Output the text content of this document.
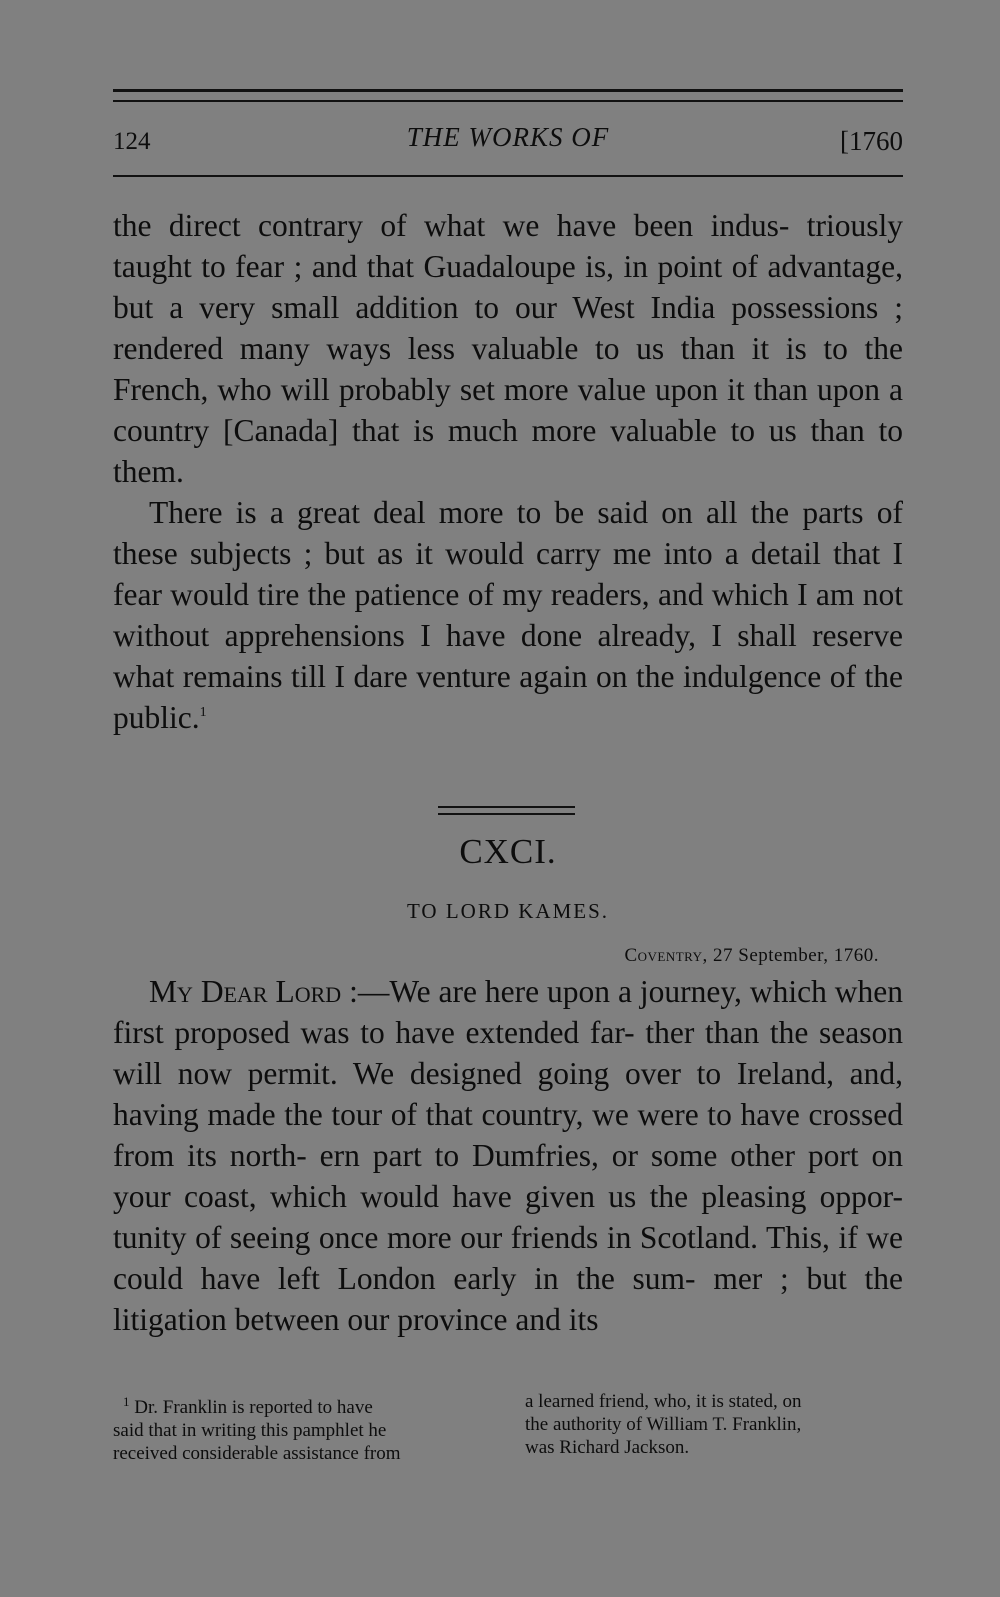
124	THE WORKS OF	[1760

the direct contrary of what we have been indus- triously taught to fear ; and that Guadaloupe is, in point of advantage, but a very small addition to our West India possessions ; rendered many ways less valuable to us than it is to the French, who will probably set more value upon it than upon a country [Canada] that is much more valuable to us than to them.

There is a great deal more to be said on all the parts of these subjects ; but as it would carry me into a detail that I fear would tire the patience of my readers, and which I am not without apprehensions I have done already, I shall reserve what remains till I dare venture again on the indulgence of the public.$^1$

CXCI.
TO LORD KAMES.
Coventry, 27 September, 1760.

My Dear Lord :—We are here upon a journey, which when first proposed was to have extended far- ther than the season will now permit. We designed going over to Ireland, and, having made the tour of that country, we were to have crossed from its north- ern part to Dumfries, or some other port on your coast, which would have given us the pleasing oppor- tunity of seeing once more our friends in Scotland. This, if we could have left London early in the sum- mer ; but the litigation between our province and its

$^1$ Dr. Franklin is reported to have
said that in writing this pamphlet he
received considerable assistance from
a learned friend, who, it is stated, on
the authority of William T. Franklin,
was Richard Jackson.
